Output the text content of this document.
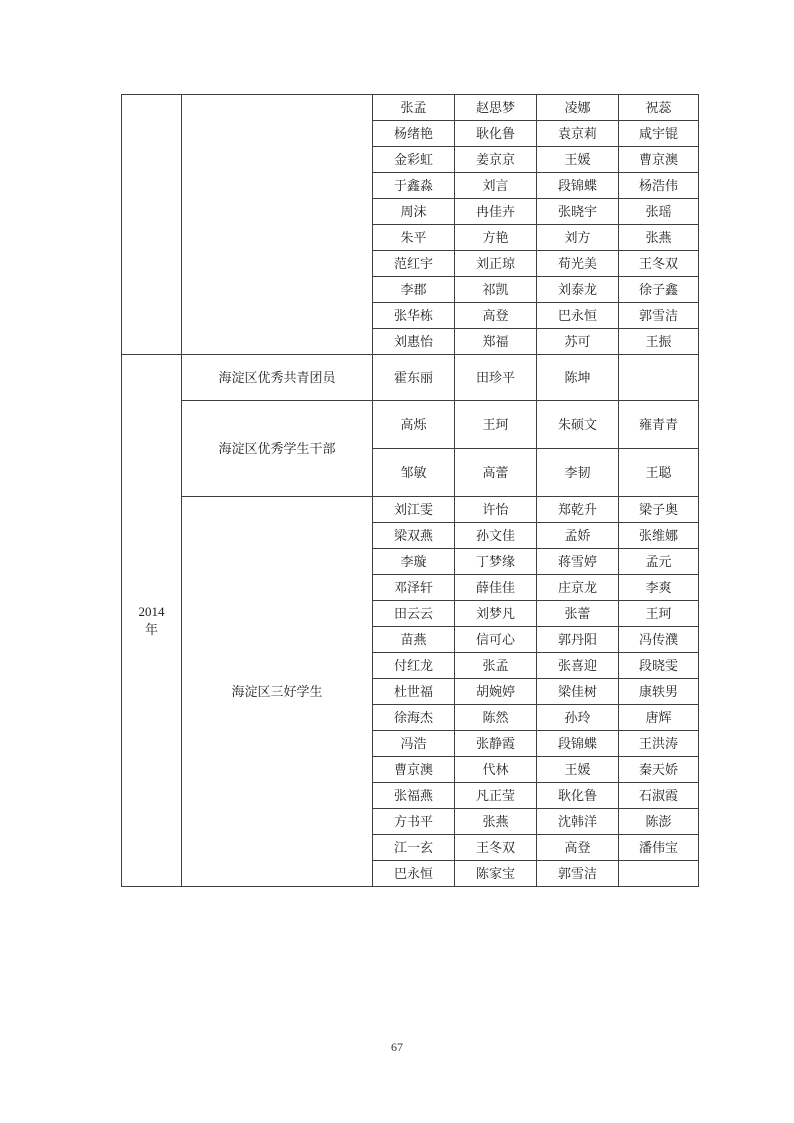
		张孟	赵思梦	凌娜	祝蕊
		杨绪艳	耿化鲁	袁京莉	咸宇锟
		金彩虹	姜京京	王媛	曹京澳
		于鑫淼	刘言	段锦蝶	杨浩伟
		周沫	冉佳卉	张晓宇	张瑶
		朱平	方艳	刘方	张燕
		范红宇	刘正琼	荀光美	王冬双
		李郡	祁凯	刘泰龙	徐子鑫
		张华栋	高登	巴永恒	郭雪洁
		刘惠怡	郑福	苏可	王振

2014
年	海淀区优秀共青团员	霍东丽	田珍平	陈坤	
	海淀区优秀学生干部	高烁	王珂	朱硕文	雍青青
		邹敏	高蕾	李韧	王聪
	海淀区三好学生	刘江雯	许怡	郑乾升	梁子奥
		梁双燕	孙文佳	孟娇	张维娜
		李璇	丁梦缘	蒋雪婷	孟元
		邓泽轩	薛佳佳	庄京龙	李爽
		田云云	刘梦凡	张蕾	王珂
		苗燕	信可心	郭丹阳	冯传濮
		付红龙	张孟	张喜迎	段晓雯
		杜世福	胡婉婷	梁佳树	康轶男
		徐海杰	陈然	孙玲	唐辉
		冯浩	张静霞	段锦蝶	王洪涛
		曹京澳	代林	王媛	秦天娇
		张福燕	凡正莹	耿化鲁	石淑霞
		方书平	张燕	沈韩洋	陈澎
		江一玄	王冬双	高登	潘伟宝
		巴永恒	陈家宝	郭雪洁	
67
